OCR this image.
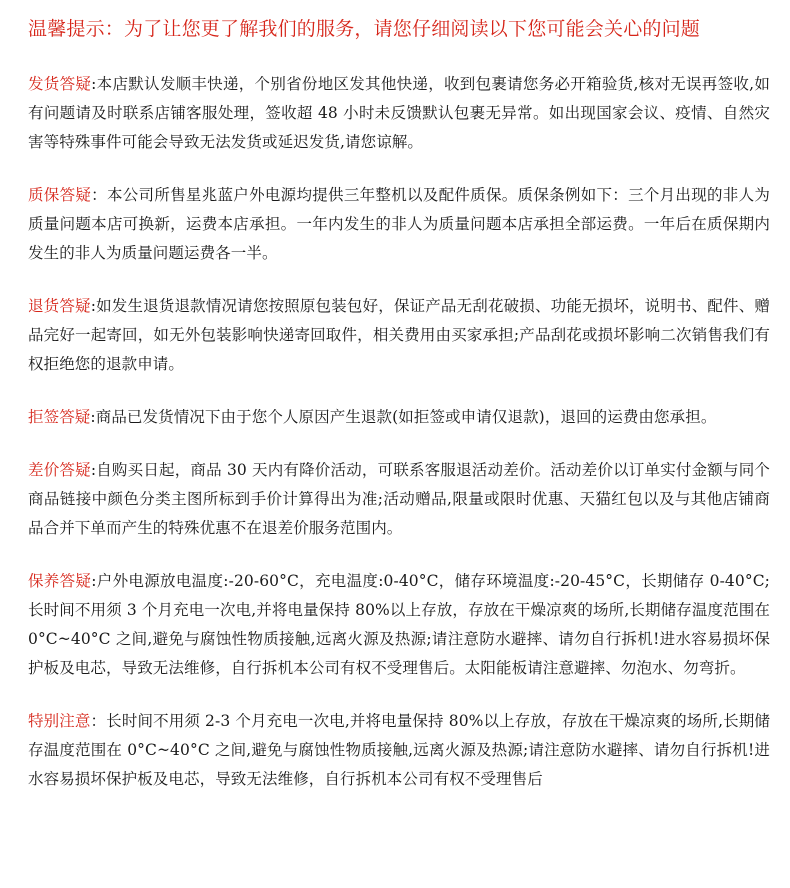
温馨提示：为了让您更了解我们的服务，请您仔细阅读以下您可能会关心的问题

发货答疑:本店默认发顺丰快递，个别省份地区发其他快递，收到包裹请您务必开箱验货,核对无误再签收,如有问题请及时联系店铺客服处理，签收超 48 小时未反馈默认包裹无异常。如出现国家会议、疫情、自然灾害等特殊事件可能会导致无法发货或延迟发货,请您谅解。

质保答疑：本公司所售星兆蓝户外电源均提供三年整机以及配件质保。质保条例如下：三个月出现的非人为质量问题本店可换新，运费本店承担。一年内发生的非人为质量问题本店承担全部运费。一年后在质保期内发生的非人为质量问题运费各一半。

退货答疑:如发生退货退款情况请您按照原包装包好，保证产品无刮花破损、功能无损坏，说明书、配件、赠品完好一起寄回，如无外包装影响快递寄回取件，相关费用由买家承担;产品刮花或损坏影响二次销售我们有权拒绝您的退款申请。

拒签答疑:商品已发货情况下由于您个人原因产生退款(如拒签或申请仅退款)，退回的运费由您承担。

差价答疑:自购买日起，商品 30 天内有降价活动，可联系客服退活动差价。活动差价以订单实付金额与同个商品链接中颜色分类主图所标到手价计算得出为准;活动赠品,限量或限时优惠、天猫红包以及与其他店铺商品合并下单而产生的特殊优惠不在退差价服务范围内。

保养答疑:户外电源放电温度:-20-60°C，充电温度:0-40°C，储存环境温度:-20-45°C，长期储存 0-40°C;长时间不用须 3 个月充电一次电,并将电量保持 80%以上存放，存放在干燥凉爽的场所,长期储存温度范围在 0°C~40°C 之间,避免与腐蚀性物质接触,远离火源及热源;请注意防水避摔、请勿自行拆机!进水容易损坏保护板及电芯，导致无法维修，自行拆机本公司有权不受理售后。太阳能板请注意避摔、勿泡水、勿弯折。

特别注意：长时间不用须 2-3 个月充电一次电,并将电量保持 80%以上存放，存放在干燥凉爽的场所,长期储存温度范围在 0°C~40°C 之间,避免与腐蚀性物质接触,远离火源及热源;请注意防水避摔、请勿自行拆机!进水容易损坏保护板及电芯，导致无法维修，自行拆机本公司有权不受理售后
